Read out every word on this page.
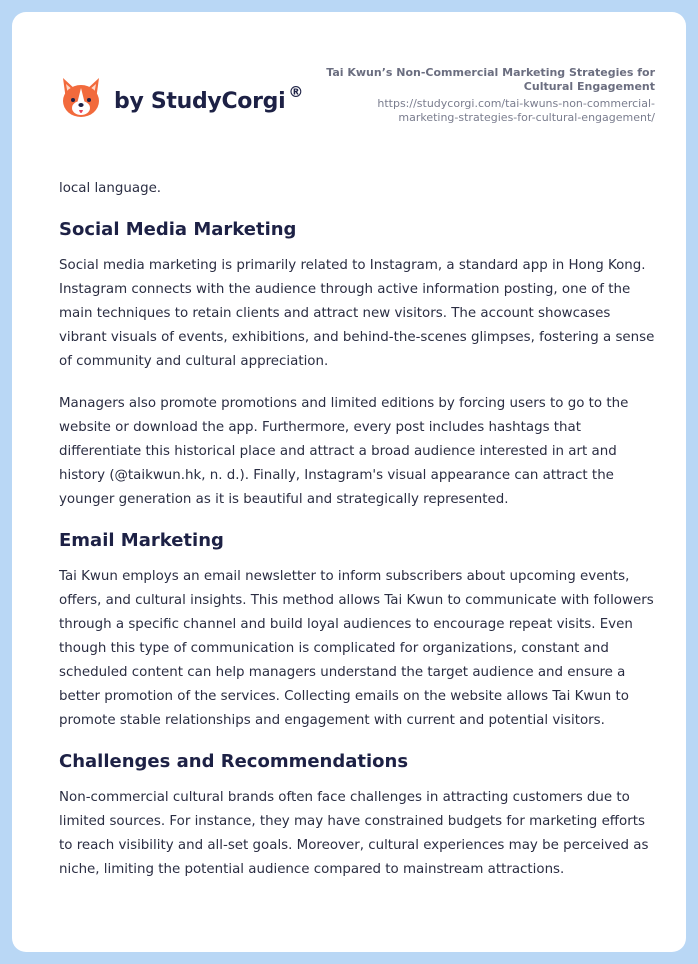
by StudyCorgi ®
Tai Kwun’s Non-Commercial Marketing Strategies for Cultural Engagement
https://studycorgi.com/tai-kwuns-non-commercial-marketing-strategies-for-cultural-engagement/

local language.

Social Media Marketing

Social media marketing is primarily related to Instagram, a standard app in Hong Kong. Instagram connects with the audience through active information posting, one of the main techniques to retain clients and attract new visitors. The account showcases vibrant visuals of events, exhibitions, and behind-the-scenes glimpses, fostering a sense of community and cultural appreciation.

Managers also promote promotions and limited editions by forcing users to go to the website or download the app. Furthermore, every post includes hashtags that differentiate this historical place and attract a broad audience interested in art and history (@taikwun.hk, n. d.). Finally, Instagram's visual appearance can attract the younger generation as it is beautiful and strategically represented.

Email Marketing

Tai Kwun employs an email newsletter to inform subscribers about upcoming events, offers, and cultural insights. This method allows Tai Kwun to communicate with followers through a specific channel and build loyal audiences to encourage repeat visits. Even though this type of communication is complicated for organizations, constant and scheduled content can help managers understand the target audience and ensure a better promotion of the services. Collecting emails on the website allows Tai Kwun to promote stable relationships and engagement with current and potential visitors.

Challenges and Recommendations

Non-commercial cultural brands often face challenges in attracting customers due to limited sources. For instance, they may have constrained budgets for marketing efforts to reach visibility and all-set goals. Moreover, cultural experiences may be perceived as niche, limiting the potential audience compared to mainstream attractions.
